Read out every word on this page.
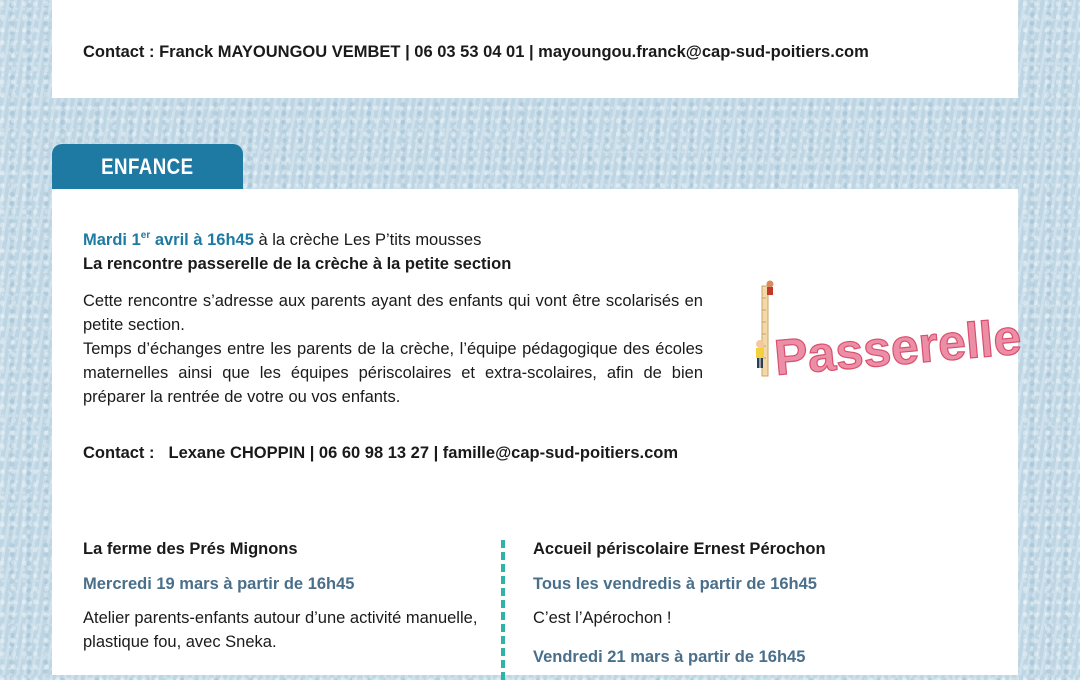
Contact : Franck MAYOUNGOU VEMBET | 06 03 53 04 01 | mayoungou.franck@cap-sud-poitiers.com
ENFANCE
Mardi 1er avril à 16h45 à la crèche Les P’tits mousses
La rencontre passerelle de la crèche à la petite section

Cette rencontre s’adresse aux parents ayant des enfants qui vont être scolarisés en petite section.

Temps d’échanges entre les parents de la crèche, l’équipe pédagogique des écoles maternelles ainsi que les équipes périscolaires et extra-scolaires, afin de bien préparer la rentrée de votre ou vos enfants.

Contact : Lexane CHOPPIN | 06 60 98 13 27 | famille@cap-sud-poitiers.com
Passerelle
La ferme des Prés Mignons
Mercredi 19 mars à partir de 16h45
Atelier parents-enfants autour d’une activité manuelle, plastique fou, avec Sneka.
Accueil périscolaire Ernest Pérochon
Tous les vendredis à partir de 16h45
C’est l’Apérochon !
Vendredi 21 mars à partir de 16h45
